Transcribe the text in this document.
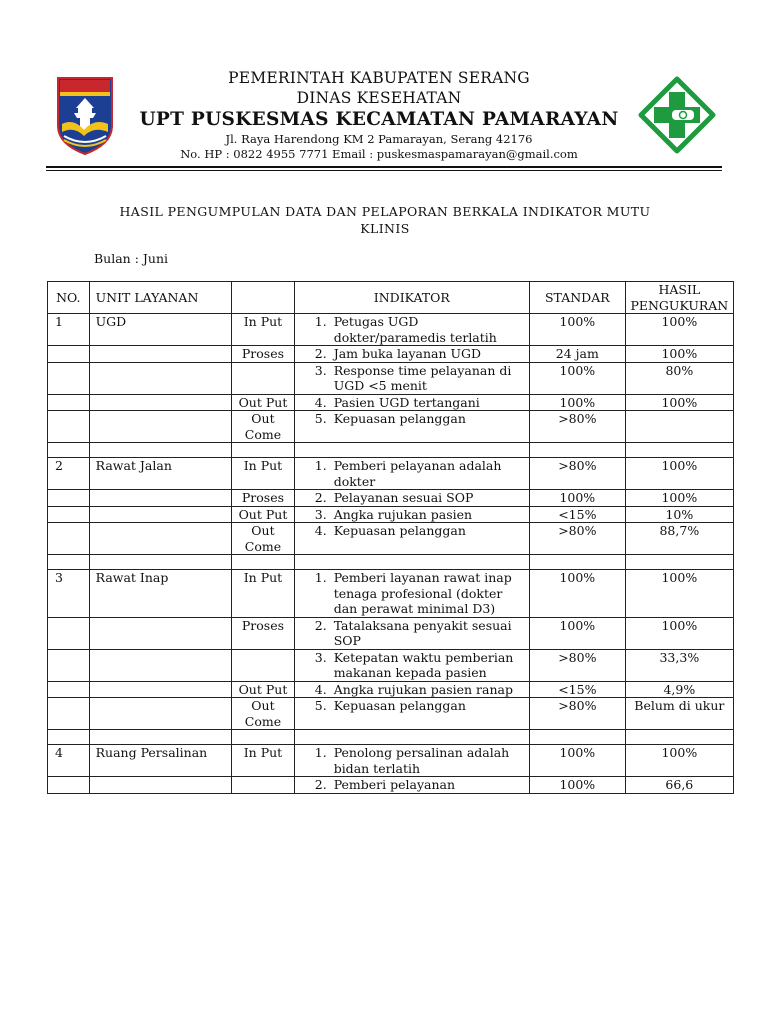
PEMERINTAH KABUPATEN SERANG
DINAS KESEHATAN
UPT PUSKESMAS KECAMATAN PAMARAYAN
Jl. Raya Harendong KM 2 Pamarayan, Serang 42176
No. HP : 0822 4955 7771 Email : puskesmaspamarayan@gmail.com
HASIL PENGUMPULAN DATA DAN PELAPORAN BERKALA INDIKATOR MUTU
KLINIS
Bulan : Juni
NO.	UNIT LAYANAN		INDIKATOR	STANDAR	HASIL PENGUKURAN
1	UGD	In Put	1. Petugas UGD dokter/paramedis terlatih	100%	100%
		Proses	2. Jam buka layanan UGD	24 jam	100%

			3. Response time pelayanan di UGD <5 menit	100%	80%
		Out Put	4. Pasien UGD tertangani	100%	100%
		Out Come	5. Kepuasan pelanggan	>80%	

2	Rawat Jalan	In Put	1. Pemberi pelayanan adalah dokter	>80%	100%
		Proses	2. Pelayanan sesuai SOP	100%	100%
		Out Put	3. Angka rujukan pasien	<15%	10%
		Out Come	4. Kepuasan pelanggan	>80%	88,7%

3	Rawat Inap	In Put	1. Pemberi layanan rawat inap tenaga profesional (dokter dan perawat minimal D3)	100%	100%
		Proses	2. Tatalaksana penyakit sesuai SOP	100%	100%

			3. Ketepatan waktu pemberian makanan kepada pasien	>80%	33,3%
		Out Put	4. Angka rujukan pasien ranap	<15%	4,9%
		Out Come	5. Kepuasan pelanggan	>80%	Belum di ukur

4	Ruang Persalinan	In Put	1. Penolong persalinan adalah bidan terlatih	100%	100%

			2. Pemberi pelayanan	100%	66,6
